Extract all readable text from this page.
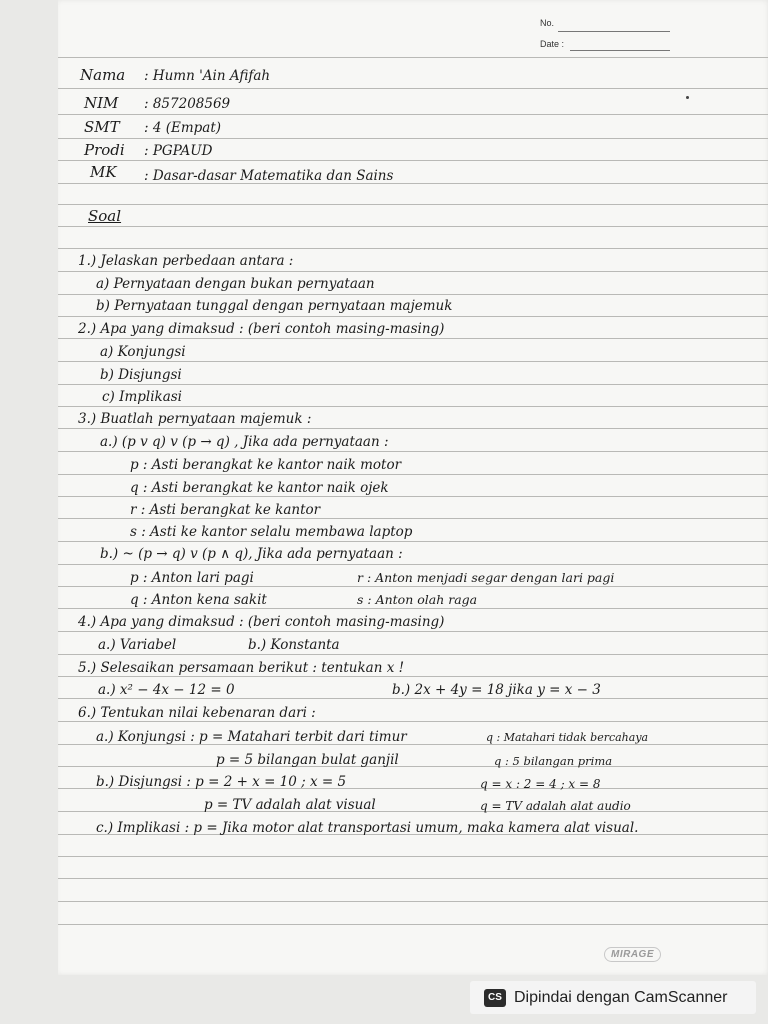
No.
Date :
Nama : Humn 'Ain Afifah
NIM : 857208569
SMT : 4 (Empat)
Prodi : PGPAUD
MK : Dasar-dasar Matematika dan Sains
Soal
1.) Jelaskan perbedaan antara :
a) Pernyataan dengan bukan pernyataan
b) Pernyataan tunggal dengan pernyataan majemuk
2.) Apa yang dimaksud : (beri contoh masing-masing)
a) Konjungsi
b) Disjungsi
c) Implikasi
3.) Buatlah pernyataan majemuk :
a.) (p v q) v (p → q) , Jika ada pernyataan :
p : Asti berangkat ke kantor naik motor
q : Asti berangkat ke kantor naik ojek
r : Asti berangkat ke kantor
s : Asti ke kantor selalu membawa laptop
b.) ~ (p → q) v (p ∧ q), Jika ada pernyataan :
p : Anton lari pagi
q : Anton kena sakit
4.) Apa yang dimaksud : (beri contoh masing-masing)
a.) Variabel
5.) Selesaikan persamaan berikut : tentukan x !
a.) x² − 4x − 12 = 0
6.) Tentukan nilai kebenaran dari :
a.) Konjungsi : p = Matahari terbit dari timur
p = 5 bilangan bulat ganjil
b.) Disjungsi : p = 2 + x = 10 ; x = 5
p = TV adalah alat visual
c.) Implikasi : p = Jika motor alat transportasi umum, maka kamera alat visual.
r : Anton menjadi segar dengan lari pagi
s : Anton olah raga
b.) Konstanta
b.) 2x + 4y = 18 jika y = x − 3
q : Matahari tidak bercahaya
q : 5 bilangan prima
q = x : 2 = 4 ; x = 8
q = TV adalah alat audio
MIRAGE
CS Dipindai dengan CamScanner
